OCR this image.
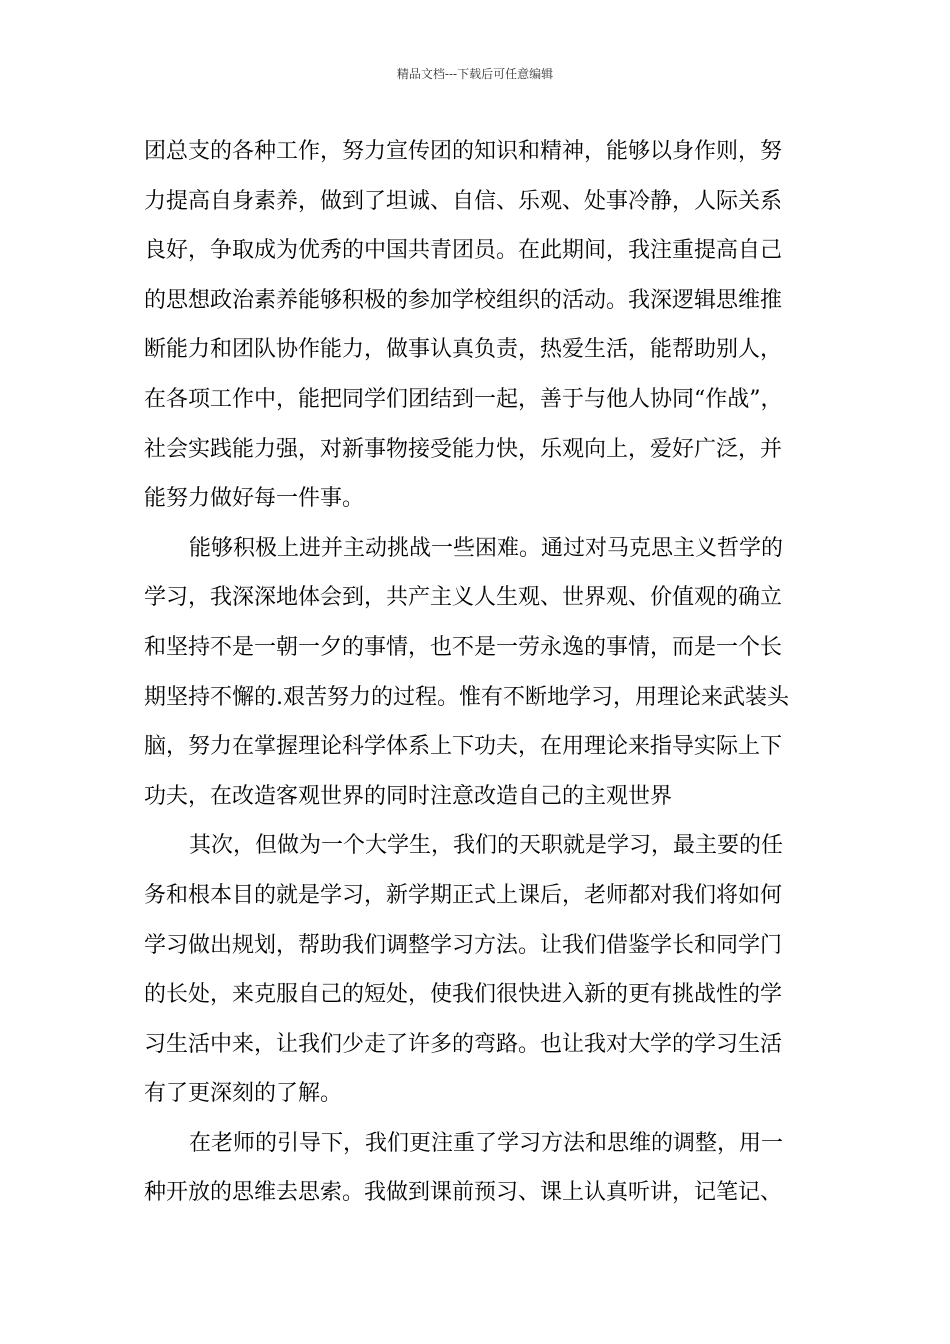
精品文档---下载后可任意编辑
团总支的各种工作，努力宣传团的知识和精神，能够以身作则，努
力提高自身素养，做到了坦诚、自信、乐观、处事冷静，人际关系
良好，争取成为优秀的中国共青团员。在此期间，我注重提高自己
的思想政治素养能够积极的参加学校组织的活动。我深逻辑思维推
断能力和团队协作能力，做事认真负责，热爱生活，能帮助别人，
在各项工作中，能把同学们团结到一起，善于与他人协同“作战”，
社会实践能力强，对新事物接受能力快，乐观向上，爱好广泛，并
能努力做好每一件事。
能够积极上进并主动挑战一些困难。通过对马克思主义哲学的
学习，我深深地体会到，共产主义人生观、世界观、价值观的确立
和坚持不是一朝一夕的事情，也不是一劳永逸的事情，而是一个长
期坚持不懈的.艰苦努力的过程。惟有不断地学习，用理论来武装头
脑，努力在掌握理论科学体系上下功夫，在用理论来指导实际上下
功夫，在改造客观世界的同时注意改造自己的主观世界
其次，但做为一个大学生，我们的天职就是学习，最主要的任
务和根本目的就是学习，新学期正式上课后，老师都对我们将如何
学习做出规划，帮助我们调整学习方法。让我们借鉴学长和同学门
的长处，来克服自己的短处，使我们很快进入新的更有挑战性的学
习生活中来，让我们少走了许多的弯路。也让我对大学的学习生活
有了更深刻的了解。
在老师的引导下，我们更注重了学习方法和思维的调整，用一
种开放的思维去思索。我做到课前预习、课上认真听讲，记笔记、
